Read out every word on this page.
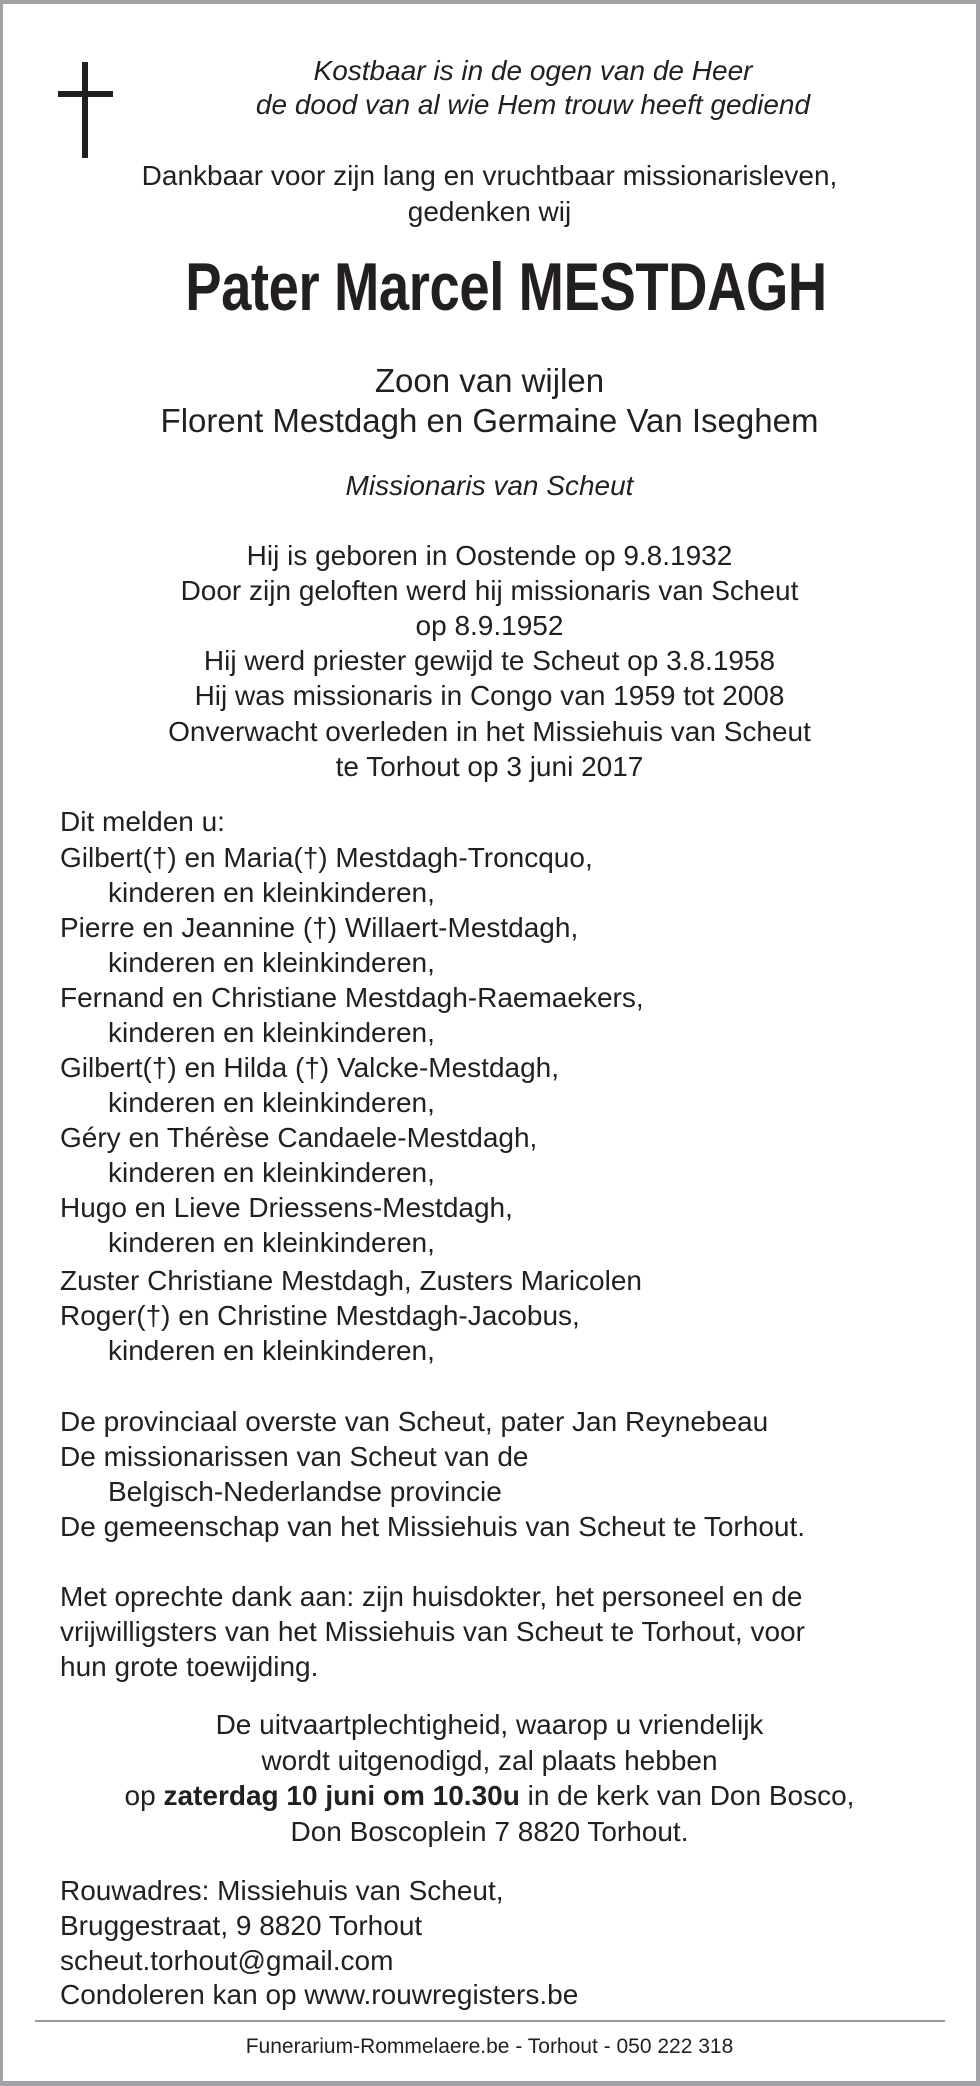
Kostbaar is in de ogen van de Heer
de dood van al wie Hem trouw heeft gediend
Dankbaar voor zijn lang en vruchtbaar missionarisleven,
gedenken wij
Pater Marcel MESTDAGH
Zoon van wijlen
Florent Mestdagh en Germaine Van Iseghem
Missionaris van Scheut
Hij is geboren in Oostende op 9.8.1932
Door zijn geloften werd hij missionaris van Scheut
op 8.9.1952
Hij werd priester gewijd te Scheut op 3.8.1958
Hij was missionaris in Congo van 1959 tot 2008
Onverwacht overleden in het Missiehuis van Scheut
te Torhout op 3 juni 2017
Dit melden u:
Gilbert(†) en Maria(†) Mestdagh-Troncquo,
kinderen en kleinkinderen,
Pierre en Jeannine (†) Willaert-Mestdagh,
kinderen en kleinkinderen,
Fernand en Christiane Mestdagh-Raemaekers,
kinderen en kleinkinderen,
Gilbert(†) en Hilda (†) Valcke-Mestdagh,
kinderen en kleinkinderen,
Géry en Thérèse Candaele-Mestdagh,
kinderen en kleinkinderen,
Hugo en Lieve Driessens-Mestdagh,
kinderen en kleinkinderen,
Zuster Christiane Mestdagh, Zusters Maricolen
Roger(†) en Christine Mestdagh-Jacobus,
kinderen en kleinkinderen,
De provinciaal overste van Scheut, pater Jan Reynebeau
De missionarissen van Scheut van de
Belgisch-Nederlandse provincie
De gemeenschap van het Missiehuis van Scheut te Torhout.
Met oprechte dank aan: zijn huisdokter, het personeel en de
vrijwilligsters van het Missiehuis van Scheut te Torhout, voor
hun grote toewijding.
De uitvaartplechtigheid, waarop u vriendelijk
wordt uitgenodigd, zal plaats hebben
op zaterdag 10 juni om 10.30u in de kerk van Don Bosco,
Don Boscoplein 7 8820 Torhout.
Rouwadres: Missiehuis van Scheut,
Bruggestraat, 9 8820 Torhout
scheut.torhout@gmail.com
Condoleren kan op www.rouwregisters.be
Funerarium-Rommelaere.be - Torhout - 050 222 318
